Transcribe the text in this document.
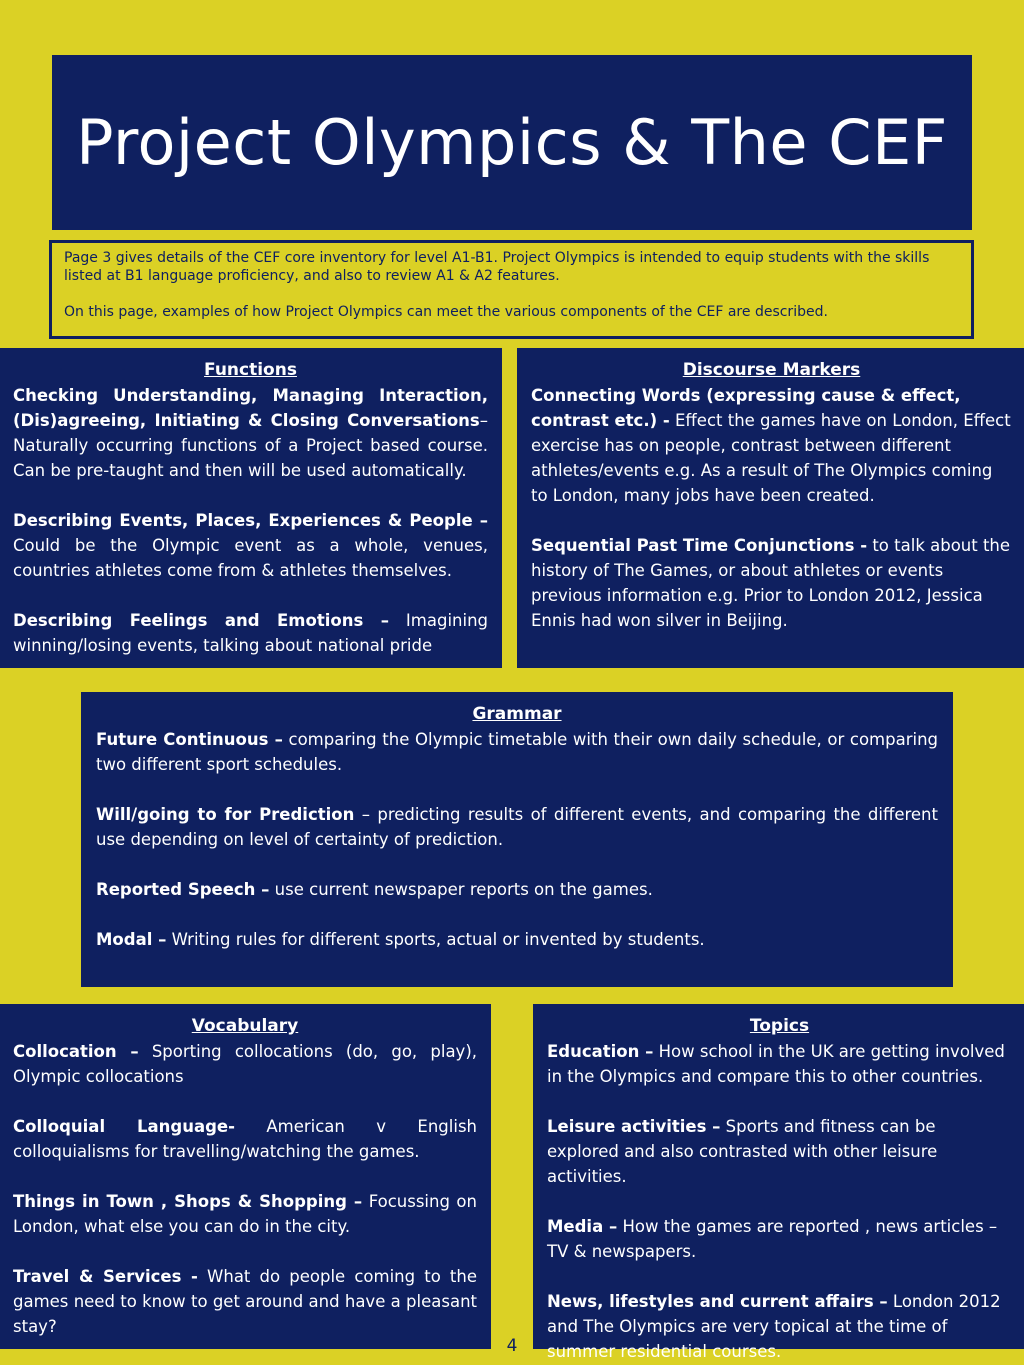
Project Olympics & The CEF

Page 3 gives details of the CEF core inventory for level A1-B1. Project Olympics is intended to equip students with the skills listed at B1 language proficiency, and also to review A1 & A2 features.

On this page, examples of how Project Olympics can meet the various components of the CEF are described.

Functions

Checking Understanding, Managing Interaction, (Dis)agreeing, Initiating & Closing Conversations– Naturally occurring functions of a Project based course. Can be pre-taught and then will be used automatically.

Describing Events, Places, Experiences & People – Could be the Olympic event as a whole, venues, countries athletes come from & athletes themselves.

Describing Feelings and Emotions – Imagining winning/losing events, talking about national pride

Discourse Markers

Connecting Words (expressing cause & effect, contrast etc.) - Effect the games have on London, Effect exercise has on people, contrast between different athletes/events e.g. As a result of The Olympics coming to London, many jobs have been created.

Sequential Past Time Conjunctions - to talk about the history of The Games, or about athletes or events previous information e.g. Prior to London 2012, Jessica Ennis had won silver in Beijing.

Grammar

Future Continuous – comparing the Olympic timetable with their own daily schedule, or comparing two different sport schedules.

Will/going to for Prediction – predicting results of different events, and comparing the different use depending on level of certainty of prediction.

Reported Speech – use current newspaper reports on the games.

Modal – Writing rules for different sports, actual or invented by students.

Vocabulary

Collocation – Sporting collocations (do, go, play), Olympic collocations

Colloquial Language- American v English colloquialisms for travelling/watching the games.

Things in Town , Shops & Shopping – Focussing on London, what else you can do in the city.

Travel & Services - What do people coming to the games need to know to get around and have a pleasant stay?

Topics

Education – How school in the UK are getting involved in the Olympics and compare this to other countries.

Leisure activities – Sports and fitness can be explored and also contrasted with other leisure activities.

Media – How the games are reported , news articles – TV & newspapers.

News, lifestyles and current affairs – London 2012 and The Olympics are very topical at the time of summer residential courses.

4
